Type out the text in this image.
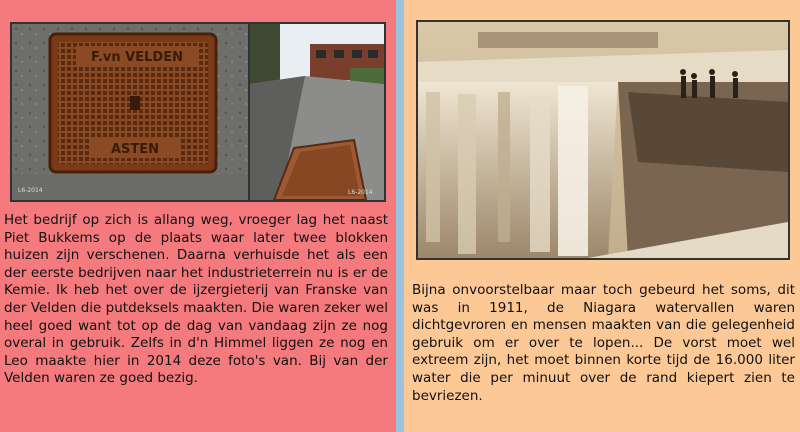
F.vn VELDEN
ASTEN
L6-2014	L6-2014

Het bedrijf op zich is allang weg, vroeger lag het naast Piet Bukkems op de plaats waar later twee blokken huizen zijn verschenen. Daarna verhuisde het als een der eerste bedrijven naar het industrieterrein nu is er de Kemie. Ik heb het over de ijzergieterij van Franske van der Velden die putdeksels maakten. Die waren zeker wel heel goed want tot op de dag van vandaag zijn ze nog overal in gebruik. Zelfs in d'n Himmel liggen ze nog en Leo maakte hier in 2014 deze foto's van. Bij van der Velden waren ze goed bezig.

Bijna onvoorstelbaar maar toch gebeurd het soms, dit was in 1911, de Niagara watervallen waren dichtgevroren en mensen maakten van die gelegenheid gebruik om er over te lopen... De vorst moet wel extreem zijn, het moet binnen korte tijd de 16.000 liter water die per minuut over de rand kiepert zien te bevriezen.
